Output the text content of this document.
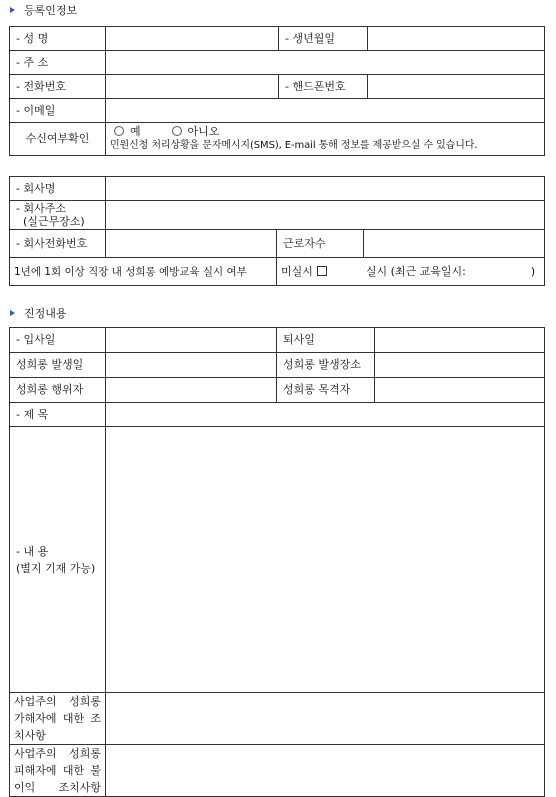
등록인정보
- 성 명		- 생년월일	
- 주 소			
- 전화번호		- 핸드폰번호	
- 이메일			
수신여부확인	예 아니오
민원신청 처리상황을 문자메시지(SMS), E-mail 통해 정보를 제공받으실 수 있습니다.		
- 회사명			

- 회사주소
(실근무장소)			

- 회사전화번호		근로자수	
1년에 1회 이상 직장 내 성희롱 예방교육 실시 여부		미실시 실시 (최근 교육일시: )	
진정내용
- 입사일		퇴사일	
성희롱 발생일		성희롱 발생장소	
성희롱 행위자		성희롱 목격자	
- 제 목			

- 내 용
(별지 기재 가능)			

사업주의 성희롱 가해자에 대한 조치사항			
사업주의 성희롱 피해자에 대한 불이익 조치사항			
